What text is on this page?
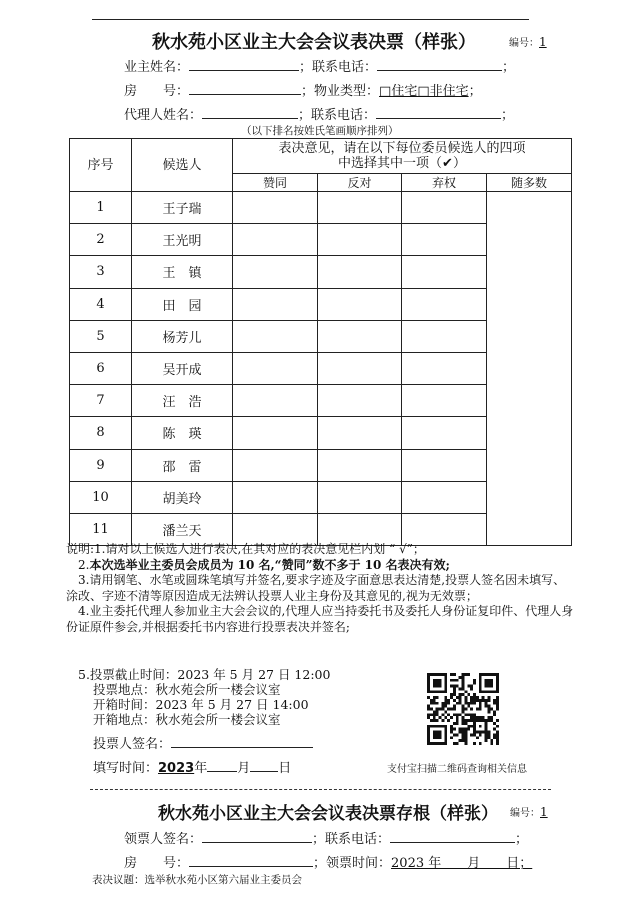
秋水苑小区业主大会会议表决票（样张）	编号：1
业主姓名：	；联系电话：	；
房　　号：	；物业类型：□住宅□非住宅；
代理人姓名：	；联系电话：	；
（以下排名按姓氏笔画顺序排列）
序号	候选人	表决意见，请在以下每位委员候选人的四项
中选择其中一项（✔）			

		赞同	反对	弃权	随多数
1	王子瑞				
2	王光明				
3	王　镇				
4	田　园				
5	杨芳儿				
6	吴开成				
7	汪　浩				
8	陈　瑛				
9	邵　雷				
10	胡美玲				
11	潘兰天				

说明:1.请对以上候选人进行表决,在其对应的表决意见栏内划 “ √”；

2.本次选举业主委员会成员为 10 名,“赞同”数不多于 10 名表决有效;

3.请用钢笔、水笔或圆珠笔填写并签名,要求字迹及字面意思表达清楚,投票人签名因未填写、涂改、字迹不清等原因造成无法辨认投票人业主身份及其意见的,视为无效票；

4.业主委托代理人参加业主大会会议的,代理人应当持委托书及委托人身份证复印件、代理人身份证原件参会,并根据委托书内容进行投票表决并签名;

5.投票截止时间：2023 年 5 月 27 日 12:00
投票地点：秋水苑会所一楼会议室
开箱时间：2023 年 5 月 27 日 14:00
开箱地点：秋水苑会所一楼会议室
投票人签名：
填写时间：2023年 月 日	支付宝扫描二维码查询相关信息
秋水苑小区业主大会会议表决票存根（样张） 编号：1
领票人签名：	；联系电话：	；
房　　号：	；领票时间：2023 年　　月　　日；
表决议题：选举秋水苑小区第六届业主委员会
